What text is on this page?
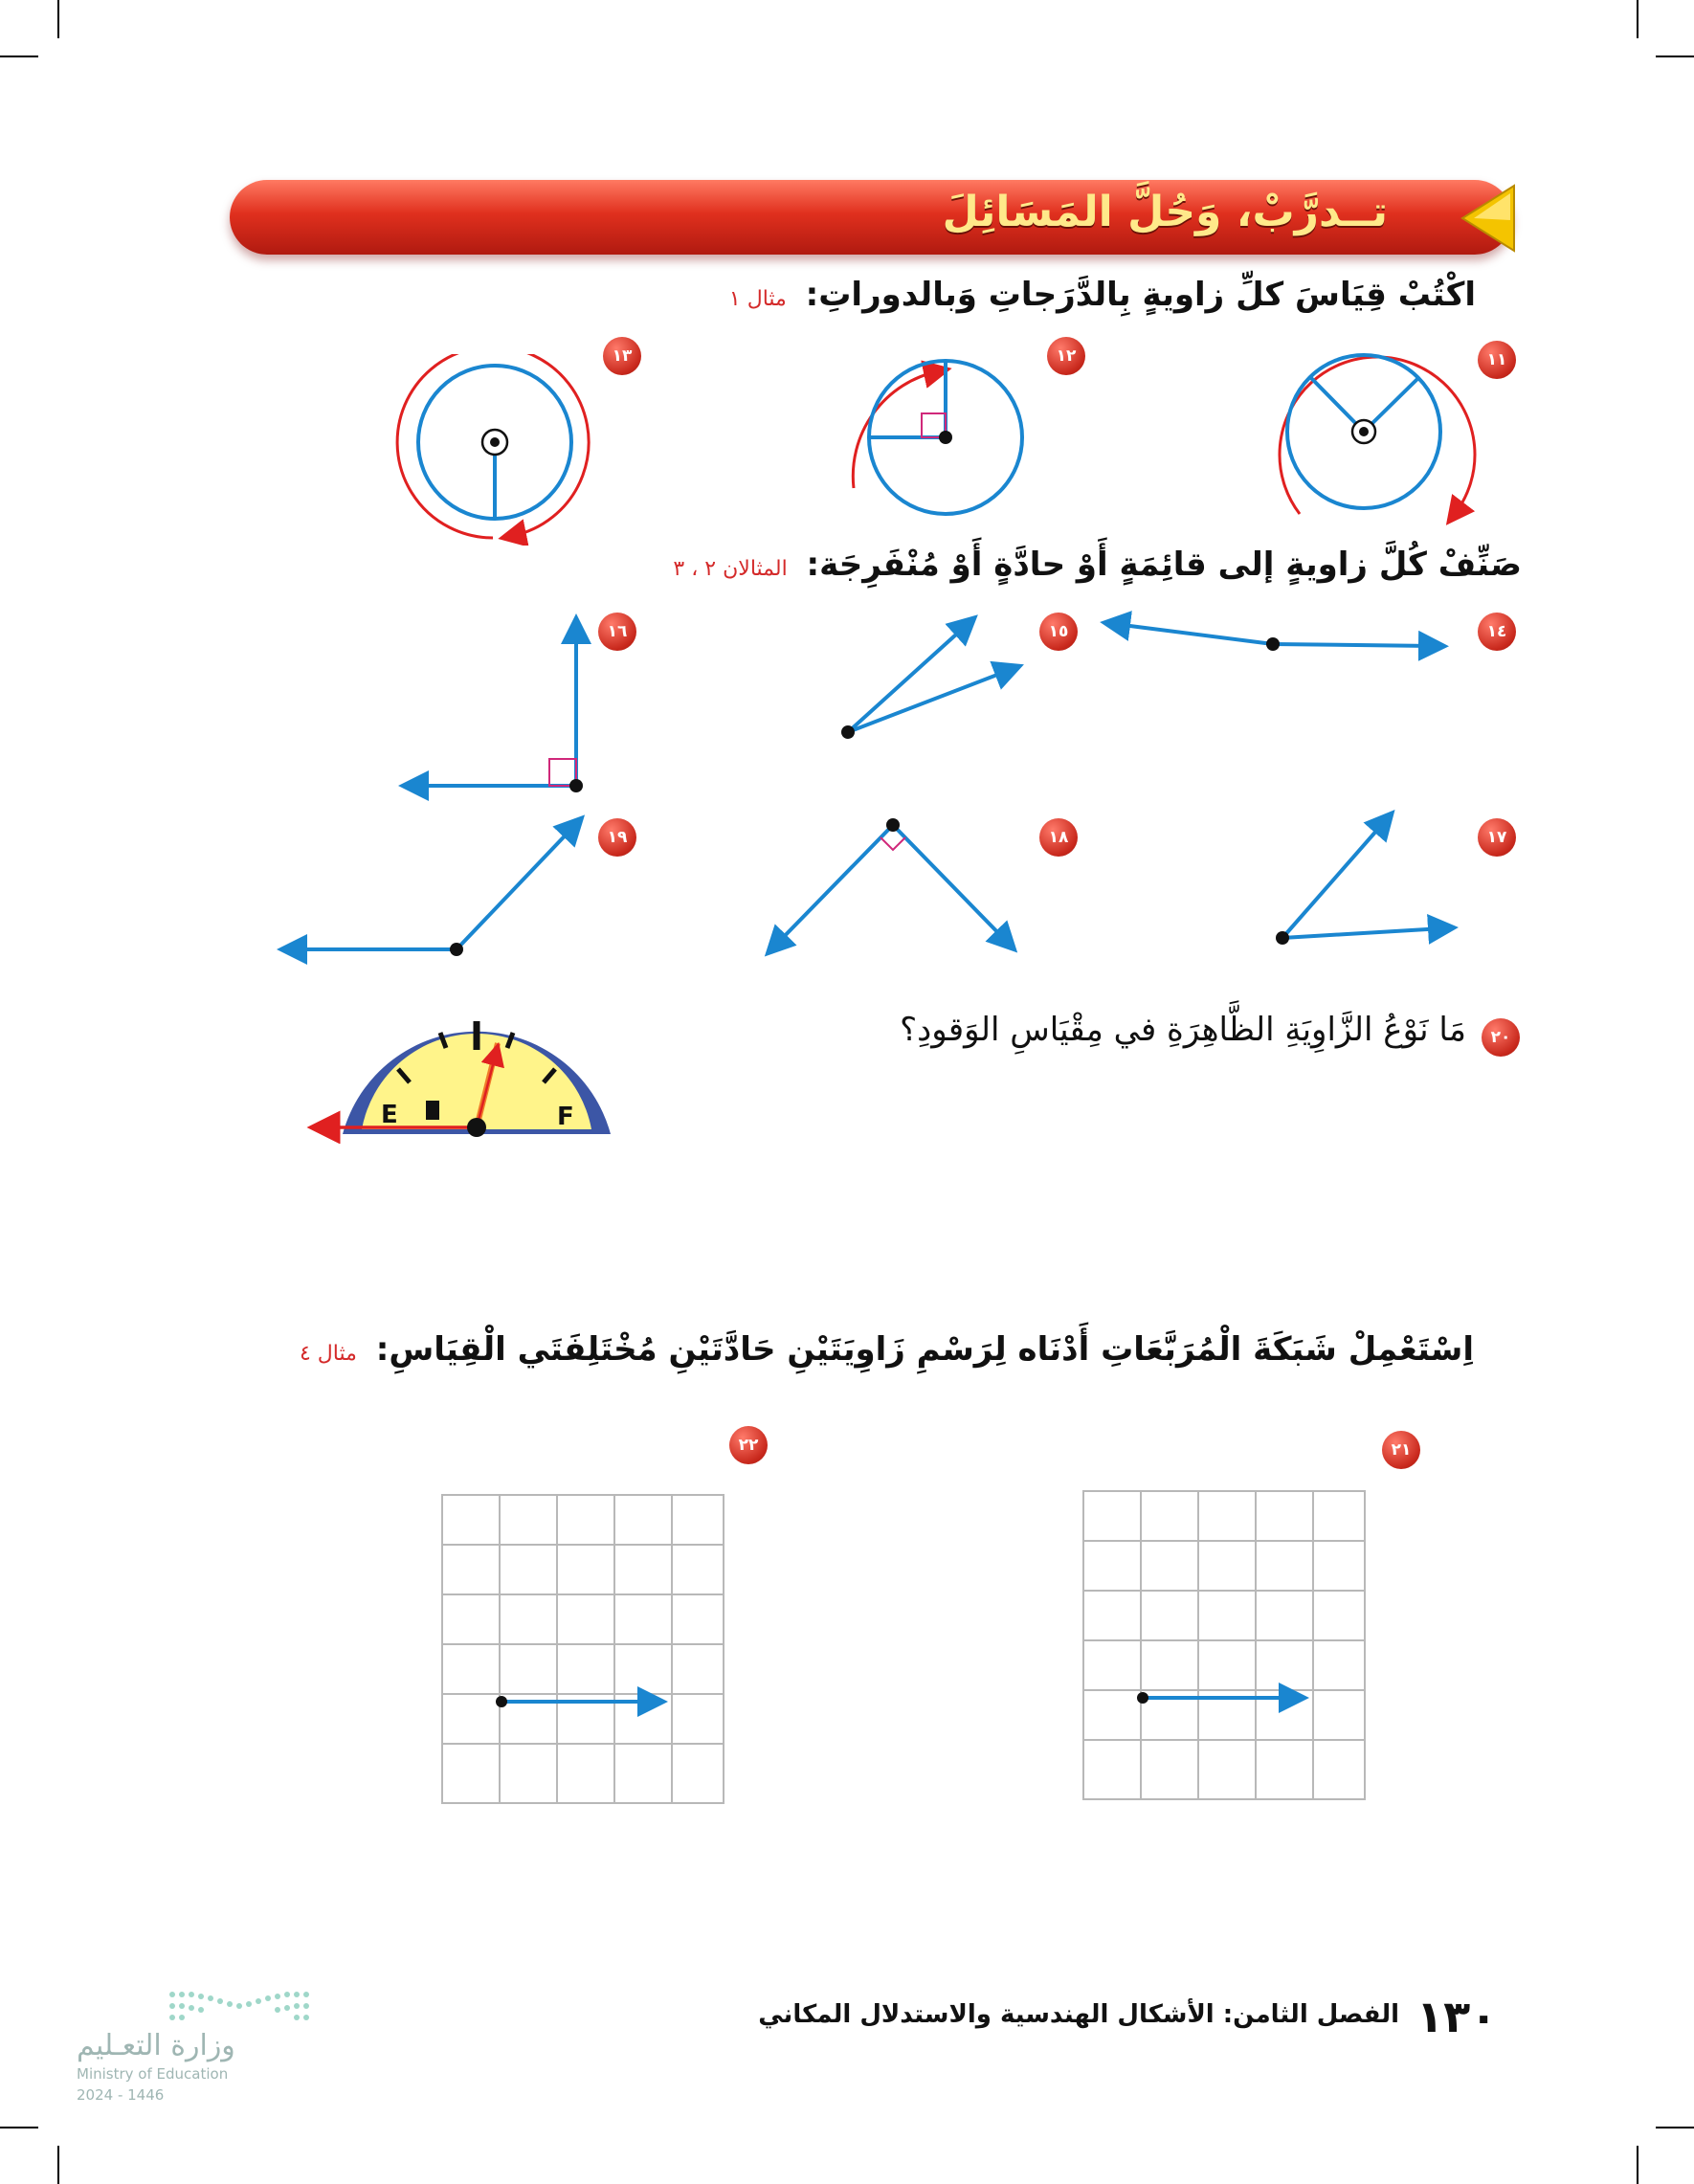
تــدرَّبْ، وَحُلَّ المَسَائِلَ
اكْتُبْ قِيَاسَ كلِّ زاويةٍ بِالدَّرَجاتِ وَبالدوراتِ: مثال ١
١١
١٢
١٣
صَنِّفْ كُلَّ زاويةٍ إلى قائِمَةٍ أَوْ حادَّةٍ أَوْ مُنْفَرِجَة: المثالان ٢ ، ٣
١٤
١٥
١٦
١٧
١٨
١٩
٢٠
مَا نَوْعُ الزَّاوِيَةِ الظَّاهِرَةِ في مِقْيَاسِ الوَقودِ؟
E	F
اِسْتَعْمِلْ شَبَكَةَ الْمُرَبَّعَاتِ أَدْنَاه لِرَسْمِ زَاوِيَتَيْنِ حَادَّتَيْنِ مُخْتَلِفَتَي الْقِيَاسِ: مثال ٤
٢١
٢٢
١٣٠
الفصل الثامن: الأشكال الهندسية والاستدلال المكاني
وزارة التعـليم
Ministry of Education
2024 - 1446
